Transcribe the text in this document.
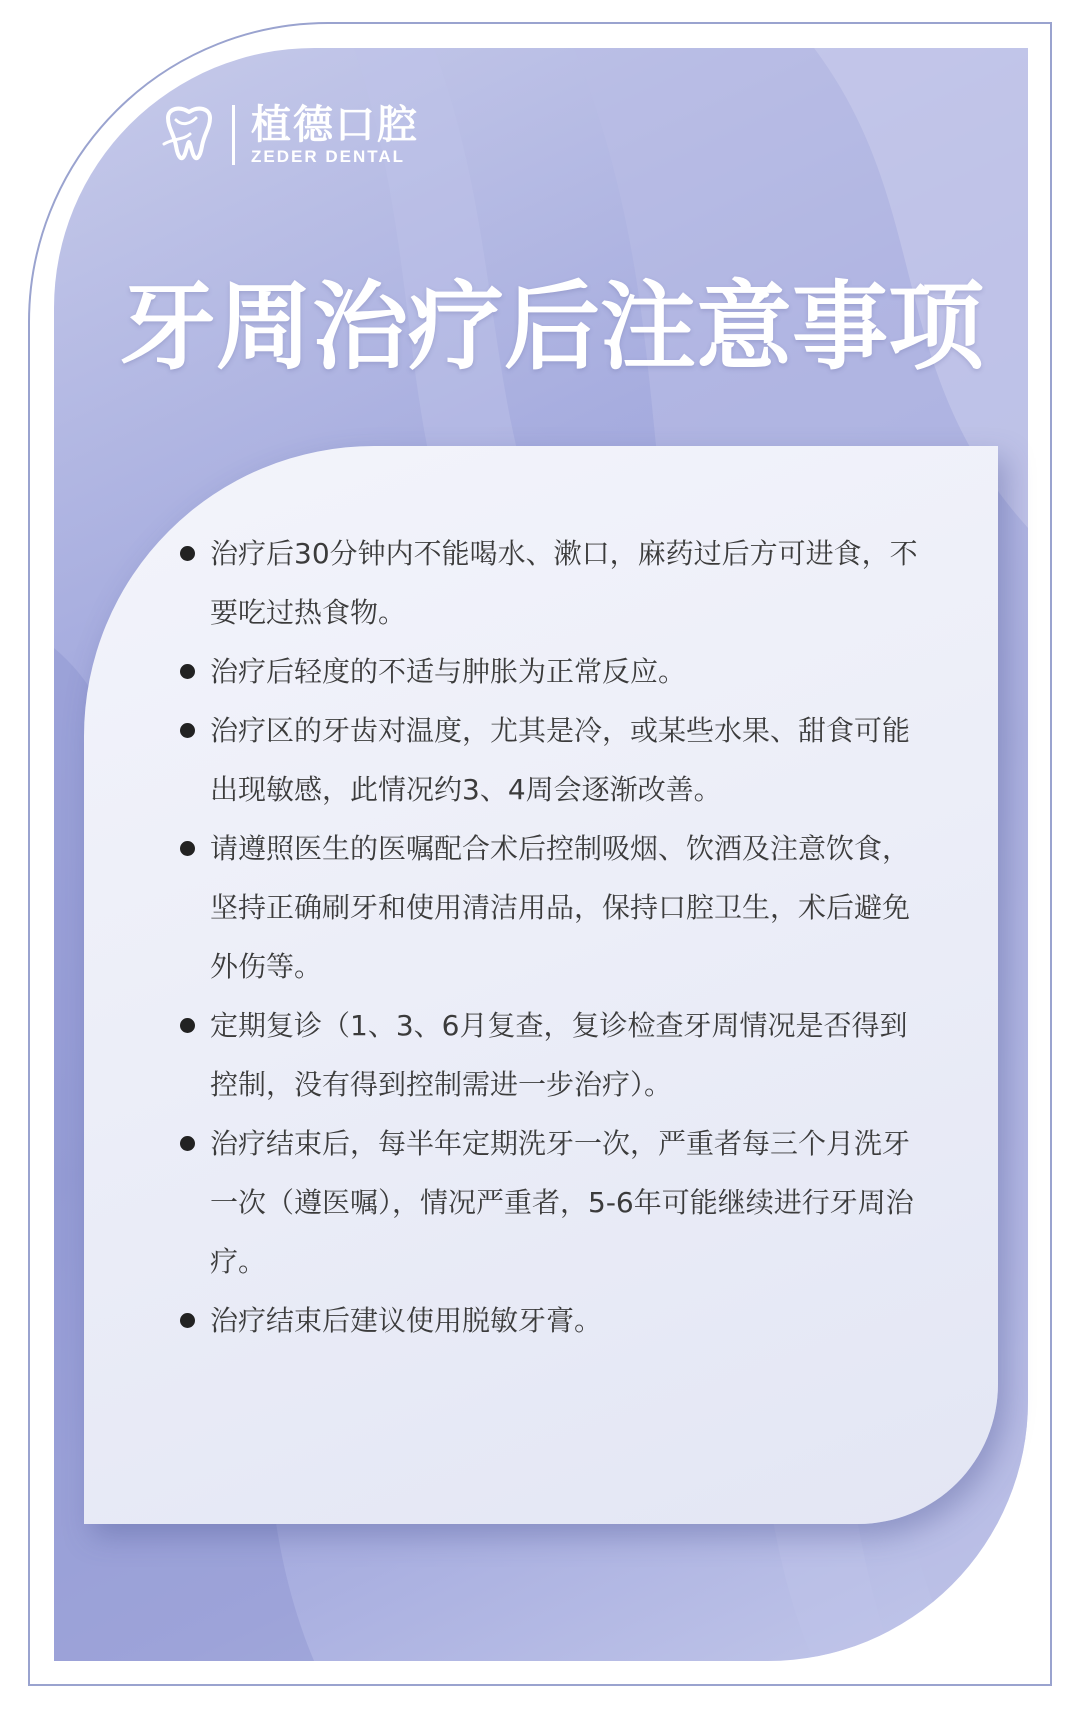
植德口腔
ZEDER DENTAL
牙周治疗后注意事项
治疗后30分钟内不能喝水、漱口，麻药过后方可进食，不要吃过热食物。
治疗后轻度的不适与肿胀为正常反应。
治疗区的牙齿对温度，尤其是冷，或某些水果、甜食可能出现敏感，此情况约3、4周会逐渐改善。
请遵照医生的医嘱配合术后控制吸烟、饮酒及注意饮食，坚持正确刷牙和使用清洁用品，保持口腔卫生，术后避免外伤等。
定期复诊（1、3、6月复查，复诊检查牙周情况是否得到控制，没有得到控制需进一步治疗）。
治疗结束后，每半年定期洗牙一次，严重者每三个月洗牙一次（遵医嘱），情况严重者，5-6年可能继续进行牙周治疗。
治疗结束后建议使用脱敏牙膏。
